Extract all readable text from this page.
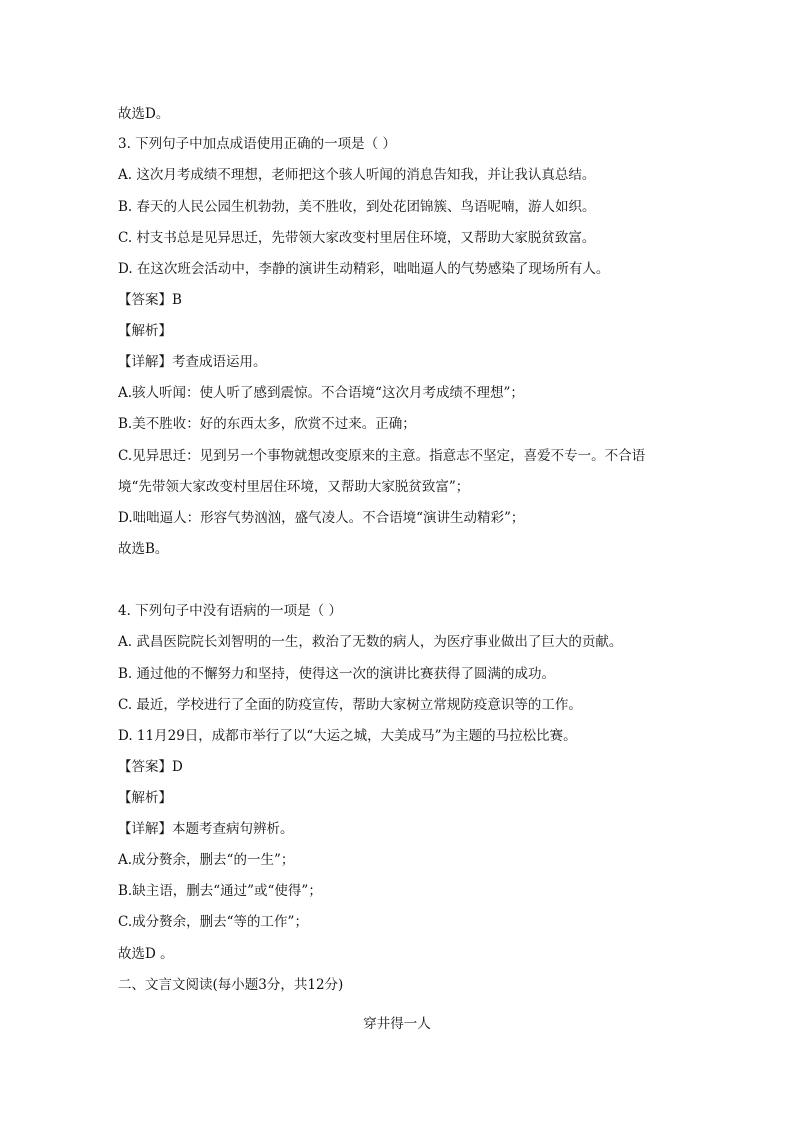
故选D。
3. 下列句子中加点成语使用正确的一项是（ ）
A. 这次月考成绩不理想，老师把这个骇人听闻的消息告知我，并让我认真总结。
B. 春天的人民公园生机勃勃，美不胜收，到处花团锦簇、鸟语呢喃，游人如织。
C. 村支书总是见异思迁，先带领大家改变村里居住环境，又帮助大家脱贫致富。
D. 在这次班会活动中，李静的演讲生动精彩，咄咄逼人的气势感染了现场所有人。
【答案】B
【解析】
【详解】考查成语运用。
A.骇人听闻：使人听了感到震惊。不合语境“这次月考成绩不理想”；
B.美不胜收：好的东西太多，欣赏不过来。正确；
C.见异思迁：见到另一个事物就想改变原来的主意。指意志不坚定，喜爱不专一。不合语
境“先带领大家改变村里居住环境，又帮助大家脱贫致富”；
D.咄咄逼人：形容气势汹汹，盛气凌人。不合语境“演讲生动精彩”；
故选B。
4. 下列句子中没有语病的一项是（ ）
A. 武昌医院院长刘智明的一生，救治了无数的病人，为医疗事业做出了巨大的贡献。
B. 通过他的不懈努力和坚持，使得这一次的演讲比赛获得了圆满的成功。
C. 最近，学校进行了全面的防疫宣传，帮助大家树立常规防疫意识等的工作。
D. 11月29日，成都市举行了以“大运之城，大美成马”为主题的马拉松比赛。
【答案】D
【解析】
【详解】本题考查病句辨析。
A.成分赘余，删去“的一生”；
B.缺主语，删去“通过”或“使得”；
C.成分赘余，删去“等的工作”；
故选D 。
二、文言文阅读(每小题3分，共12分)
穿井得一人
